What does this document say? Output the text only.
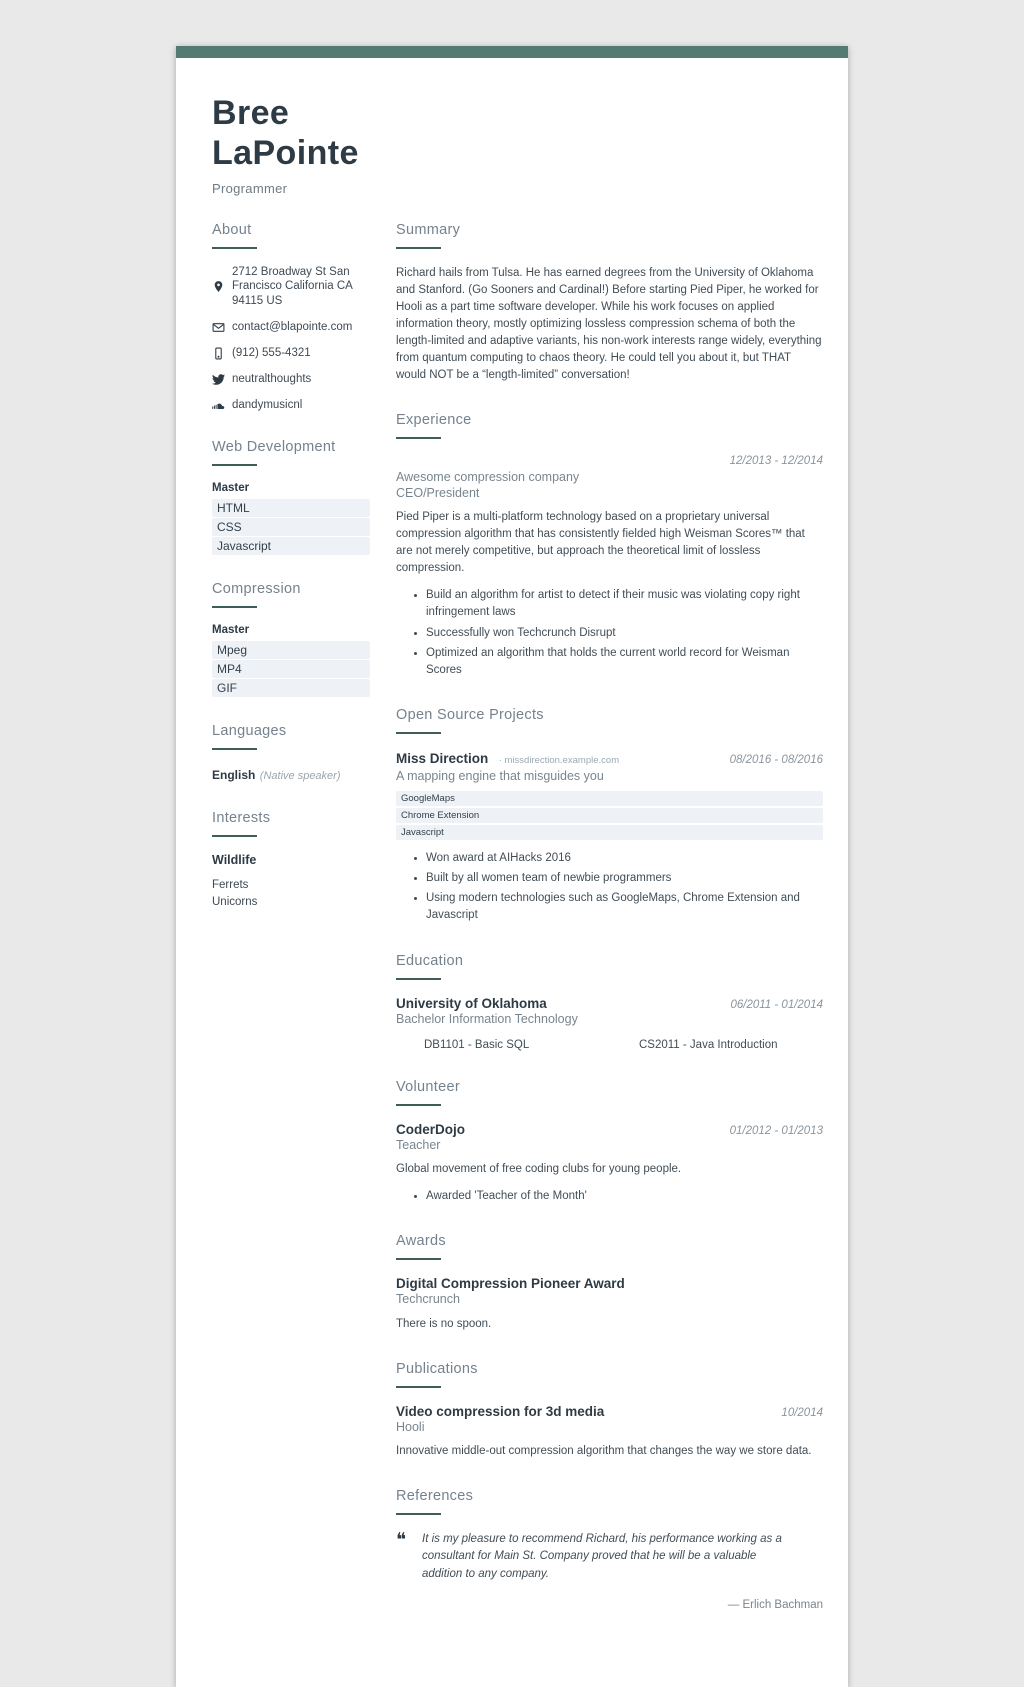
Bree LaPointe
Programmer
About
2712 Broadway St San Francisco California CA 94115 US
contact@blapointe.com
(912) 555-4321
neutralthoughts
dandymusicnl
Web Development
Master
HTML
CSS
Javascript
Compression
Master
Mpeg
MP4
GIF
Languages
English (Native speaker)
Interests
Wildlife
Ferrets
Unicorns
Summary

Richard hails from Tulsa. He has earned degrees from the University of Oklahoma and Stanford. (Go Sooners and Cardinal!) Before starting Pied Piper, he worked for Hooli as a part time software developer. While his work focuses on applied information theory, mostly optimizing lossless compression schema of both the length-limited and adaptive variants, his non-work interests range widely, everything from quantum computing to chaos theory. He could tell you about it, but THAT would NOT be a “length-limited” conversation!

Experience
12/2013 - 12/2014
Awesome compression company
CEO/President

Pied Piper is a multi-platform technology based on a proprietary universal compression algorithm that has consistently fielded high Weisman Scores™ that are not merely competitive, but approach the theoretical limit of lossless compression.

• Build an algorithm for artist to detect if their music was violating copy right infringement laws
• Successfully won Techcrunch Disrupt
• Optimized an algorithm that holds the current world record for Weisman Scores
Open Source Projects
Miss Direction · missdirection.example.com	08/2016 - 08/2016
A mapping engine that misguides you
GoogleMaps
Chrome Extension
Javascript
• Won award at AIHacks 2016
• Built by all women team of newbie programmers
• Using modern technologies such as GoogleMaps, Chrome Extension and Javascript
Education
University of Oklahoma	06/2011 - 01/2014
Bachelor Information Technology
DB1101 - Basic SQL	CS2011 - Java Introduction
Volunteer
CoderDojo	01/2012 - 01/2013
Teacher

Global movement of free coding clubs for young people.

• Awarded 'Teacher of the Month'
Awards
Digital Compression Pioneer Award
Techcrunch

There is no spoon.

Publications
Video compression for 3d media	10/2014
Hooli

Innovative middle-out compression algorithm that changes the way we store data.

References
❝	It is my pleasure to recommend Richard, his performance working as a consultant for Main St. Company proved that he will be a valuable addition to any company.

— Erlich Bachman
